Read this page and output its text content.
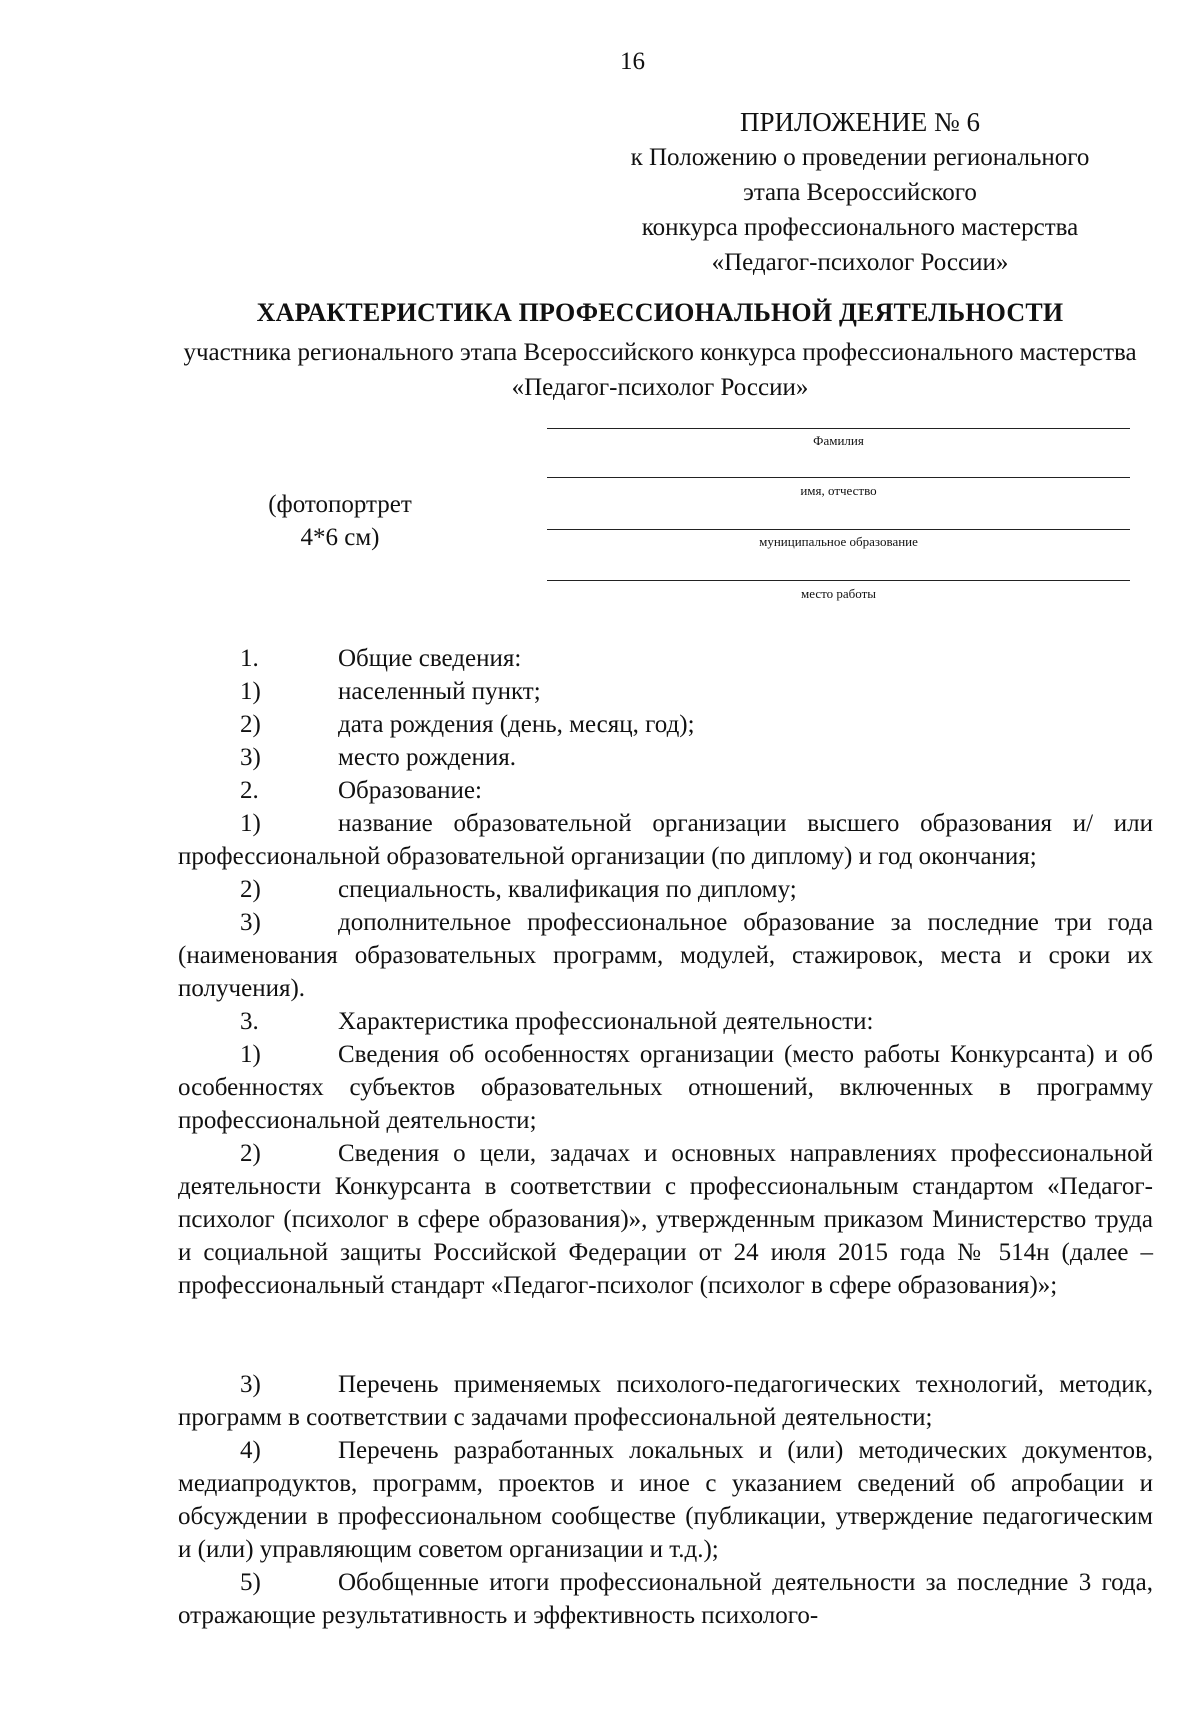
16
ПРИЛОЖЕНИЕ № 6
к Положению о проведении регионального
этапа Всероссийского
конкурса профессионального мастерства
«Педагог-психолог России»
ХАРАКТЕРИСТИКА ПРОФЕССИОНАЛЬНОЙ ДЕЯТЕЛЬНОСТИ
участника регионального этапа Всероссийского конкурса профессионального мастерства «Педагог-психолог России»
Фамилия
имя, отчество
муниципальное образование
место работы
(фотопортрет
4*6 см)
1.	Общие сведения:
1)	населенный пункт;
2)	дата рождения (день, месяц, год);
3)	место рождения.
2.	Образование:
1)	название образовательной организации высшего образования и/ или профессиональной образовательной организации (по диплому) и год окончания;
2)	специальность, квалификация по диплому;
3)	дополнительное профессиональное образование за последние три года (наименования образовательных программ, модулей, стажировок, места и сроки их получения).
3.	Характеристика профессиональной деятельности:
1)	Сведения об особенностях организации (место работы Конкурсанта) и об особенностях субъектов образовательных отношений, включенных в программу профессиональной деятельности;
2)	Сведения о цели, задачах и основных направлениях профессиональной деятельности Конкурсанта в соответствии с профессиональным стандартом «Педагог-психолог (психолог в сфере образования)», утвержденным приказом Министерство труда и социальной защиты Российской Федерации от 24 июля 2015 года № 514н (далее – профессиональный стандарт «Педагог-психолог (психолог в сфере образования)»;
3)	Перечень применяемых психолого-педагогических технологий, методик, программ в соответствии с задачами профессиональной деятельности;
4)	Перечень разработанных локальных и (или) методических документов, медиапродуктов, программ, проектов и иное с указанием сведений об апробации и обсуждении в профессиональном сообществе (публикации, утверждение педагогическим и (или) управляющим советом организации и т.д.);
5)	Обобщенные итоги профессиональной деятельности за последние 3 года, отражающие результативность и эффективность психолого-
